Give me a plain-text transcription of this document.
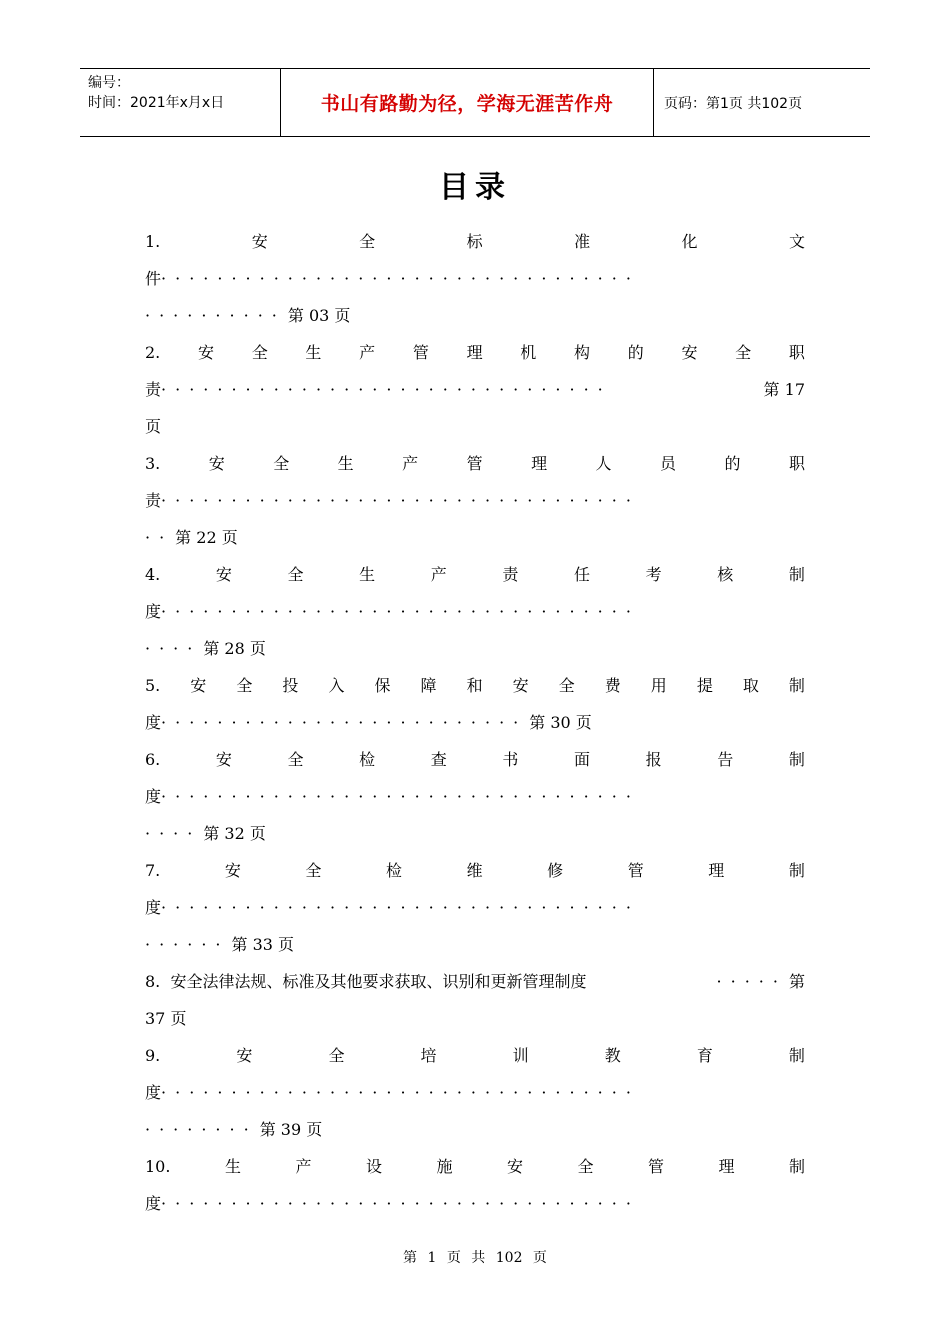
编号：
时间：2021年x月x日	书山有路勤为径，学海无涯苦作舟	页码：第1页 共102页
目录
1.	安	全	标	准	化	文
件 ··································
·········· 第 03 页
2. 安 全 生 产 管 理 机 构 的 安 全 职
责 ································	第 17
页
3.	安	全	生	产	管	理	人	员	的	职
责 ··································
·· 第 22 页
4.	安	全	生	产	责	任	考	核	制
度 ··································
···· 第 28 页
5. 安 全 投 入 保 障 和 安 全 费 用 提 取 制
度 ·························· 第 30 页
6.	安	全	检	查	书	面	报	告	制
度 ··································
···· 第 32 页
7.	安	全	检	维	修	管	理	制
度 ··································
······ 第 33 页
8.  安全法律法规、标准及其他要求获取、识别和更新管理制度	····· 第
37 页
9.	安	全	培	训	教	育	制
度 ··································
········ 第 39 页
10.	生	产	设	施	安	全	管	理	制
度 ··································
第 1 页 共 102 页
